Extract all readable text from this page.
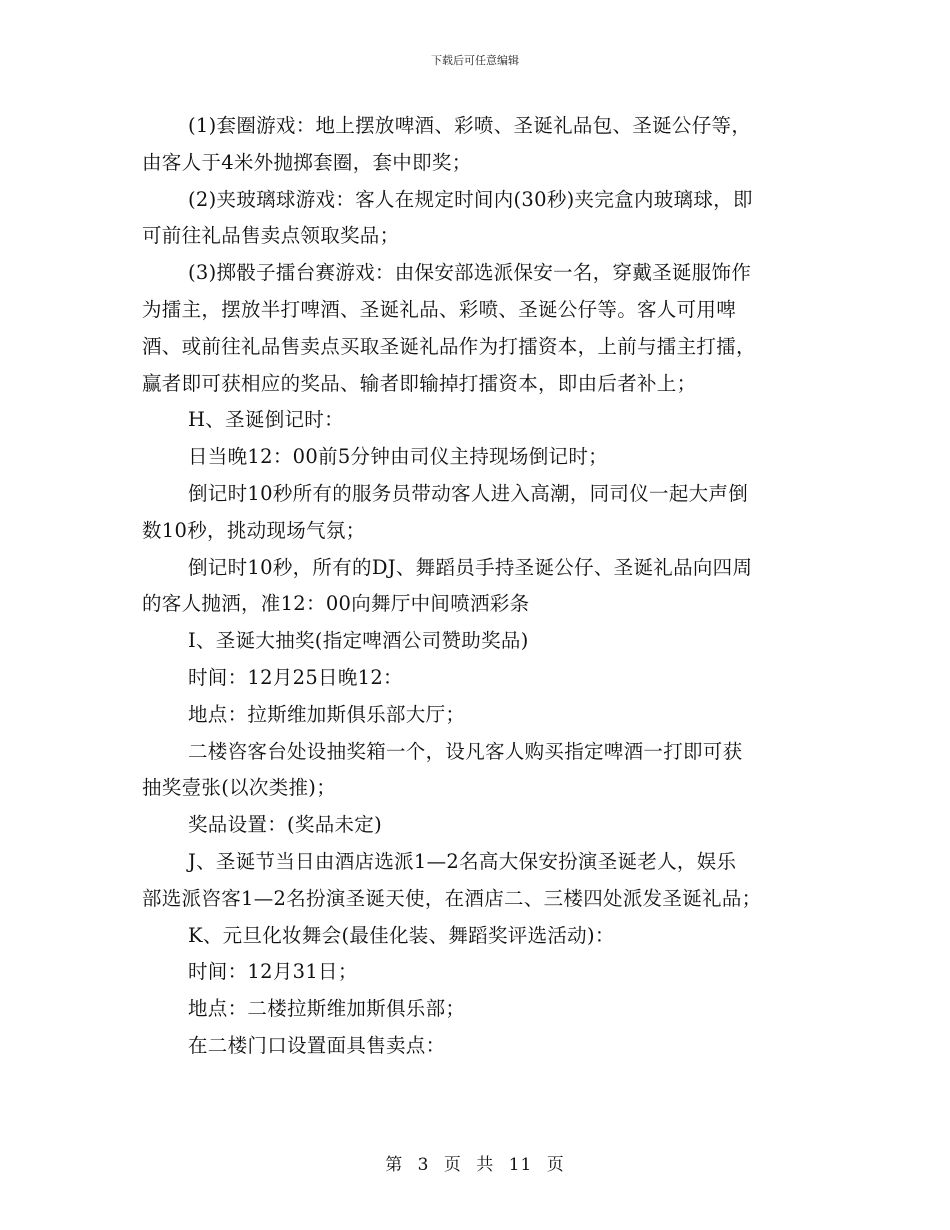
下载后可任意编辑

(1)套圈游戏：地上摆放啤酒、彩喷、圣诞礼品包、圣诞公仔等，

由客人于4米外抛掷套圈，套中即奖；

(2)夹玻璃球游戏：客人在规定时间内(30秒)夹完盒内玻璃球，即

可前往礼品售卖点领取奖品；

(3)掷骰子擂台赛游戏：由保安部选派保安一名，穿戴圣诞服饰作

为擂主，摆放半打啤酒、圣诞礼品、彩喷、圣诞公仔等。客人可用啤

酒、或前往礼品售卖点买取圣诞礼品作为打擂资本，上前与擂主打擂，

赢者即可获相应的奖品、输者即输掉打擂资本，即由后者补上；

H、圣诞倒记时：

日当晚12：00前5分钟由司仪主持现场倒记时；

倒记时10秒所有的服务员带动客人进入高潮，同司仪一起大声倒

数10秒，挑动现场气氛；

倒记时10秒，所有的DJ、舞蹈员手持圣诞公仔、圣诞礼品向四周

的客人抛洒，准12：00向舞厅中间喷洒彩条

I、圣诞大抽奖(指定啤酒公司赞助奖品)

时间：12月25日晚12：

地点：拉斯维加斯俱乐部大厅；

二楼咨客台处设抽奖箱一个，设凡客人购买指定啤酒一打即可获

抽奖壹张(以次类推)；

奖品设置：(奖品未定)

J、圣诞节当日由酒店选派1—2名高大保安扮演圣诞老人，娱乐

部选派咨客1—2名扮演圣诞天使，在酒店二、三楼四处派发圣诞礼品；

K、元旦化妆舞会(最佳化装、舞蹈奖评选活动)：

时间：12月31日；

地点：二楼拉斯维加斯俱乐部；

在二楼门口设置面具售卖点：

第 3 页 共 11 页
